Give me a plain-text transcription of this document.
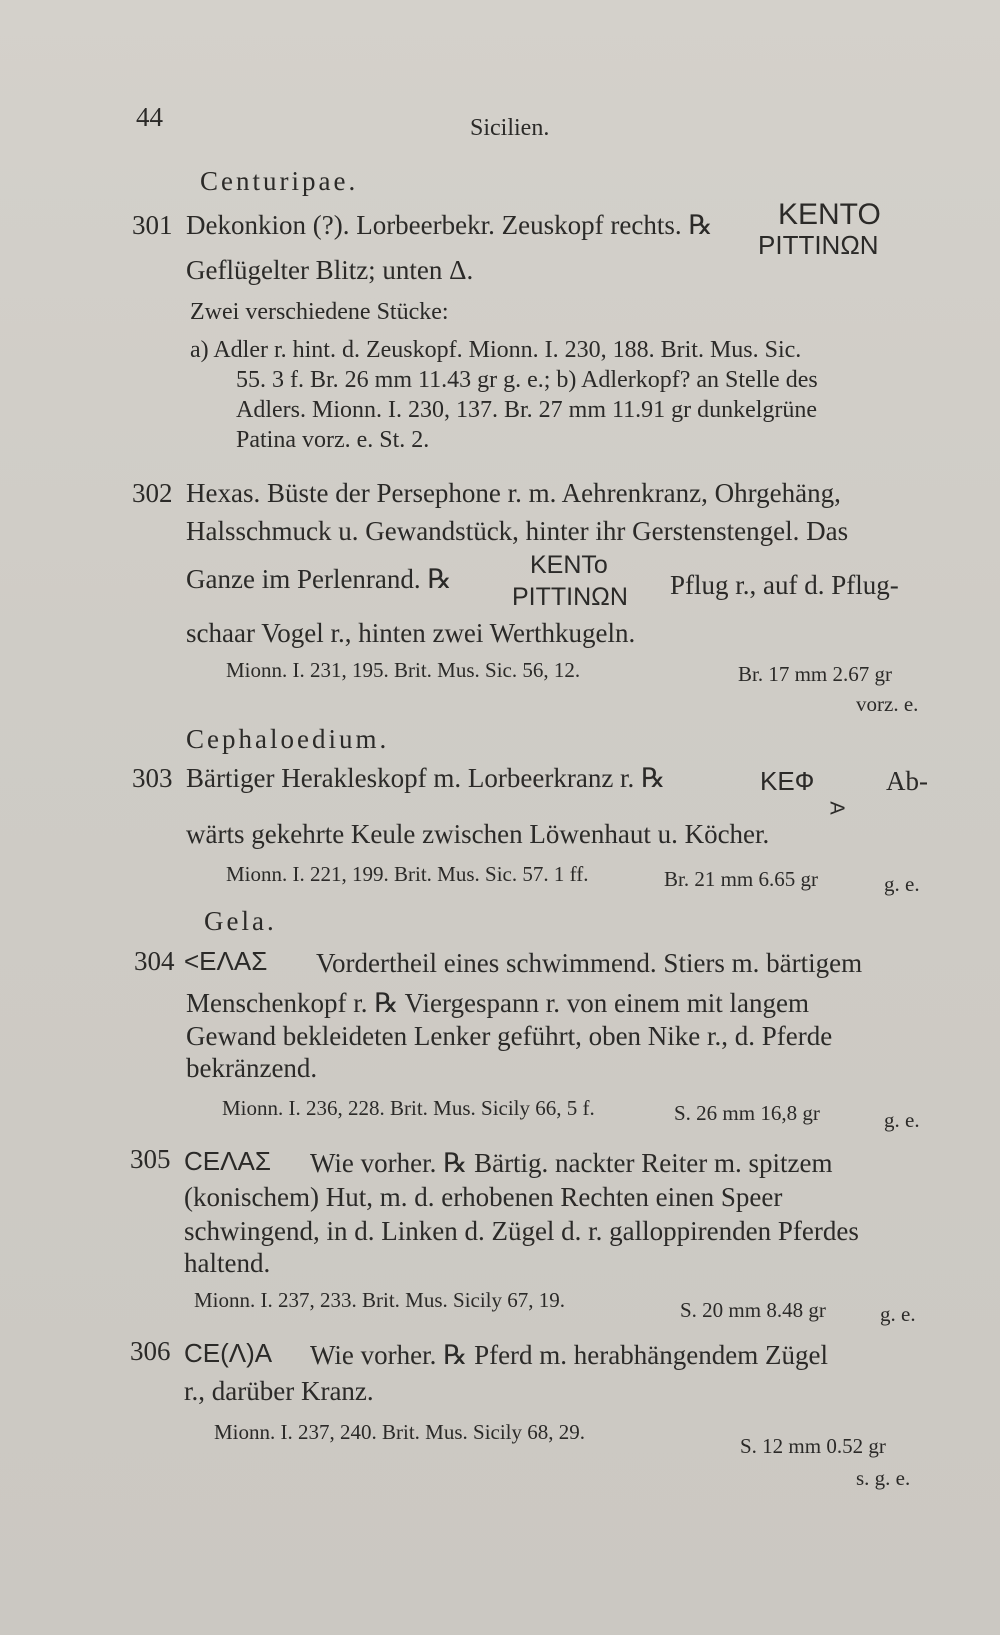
44	Sicilien.
Centuripae.
301 Dekonkion (?). Lorbeerbekr. Zeuskopf rechts. ℞ KENTO
PITTINΩN
Geflügelter Blitz; unten Δ.
Zwei verschiedene Stücke:
a) Adler r. hint. d. Zeuskopf. Mionn. I. 230, 188. Brit. Mus. Sic.
55. 3 f. Br. 26 mm 11.43 gr g. e.; b) Adlerkopf? an Stelle des
Adlers. Mionn. I. 230, 137. Br. 27 mm 11.91 gr dunkelgrüne
Patina vorz. e. St. 2.
302 Hexas. Büste der Persephone r. m. Aehrenkranz, Ohrgehäng,
Halsschmuck u. Gewandstück, hinter ihr Gerstenstengel. Das
Ganze im Perlenrand. ℞	KENTo
PITTINΩN Pflug r., auf d. Pflug-
schaar Vogel r., hinten zwei Werthkugeln.
Mionn. I. 231, 195. Brit. Mus. Sic. 56, 12.	Br. 17 mm 2.67 gr
vorz. e.
Cephaloedium.
303 Bärtiger Herakleskopf m. Lorbeerkranz r. ℞	KEФ
A
Ab-
wärts gekehrte Keule zwischen Löwenhaut u. Köcher.
Mionn. I. 221, 199. Brit. Mus. Sic. 57. 1 ff.	Br. 21 mm 6.65 gr	g. e.
Gela.
304 <EΛAΣ Vordertheil eines schwimmend. Stiers m. bärtigem
Menschenkopf r. ℞ Viergespann r. von einem mit langem
Gewand bekleideten Lenker geführt, oben Nike r., d. Pferde
bekränzend.
Mionn. I. 236, 228. Brit. Mus. Sicily 66, 5 f.	S. 26 mm 16,8 gr	g. e.
305 CEΛAΣ Wie vorher. ℞ Bärtig. nackter Reiter m. spitzem
(konischem) Hut, m. d. erhobenen Rechten einen Speer
schwingend, in d. Linken d. Zügel d. r. galloppirenden Pferdes
haltend.
Mionn. I. 237, 233. Brit. Mus. Sicily 67, 19.	S. 20 mm 8.48 gr	g. e.
306 CE(Λ)A Wie vorher. ℞ Pferd m. herabhängendem Zügel
r., darüber Kranz.
Mionn. I. 237, 240. Brit. Mus. Sicily 68, 29.
S. 12 mm 0.52 gr
s. g. e.
